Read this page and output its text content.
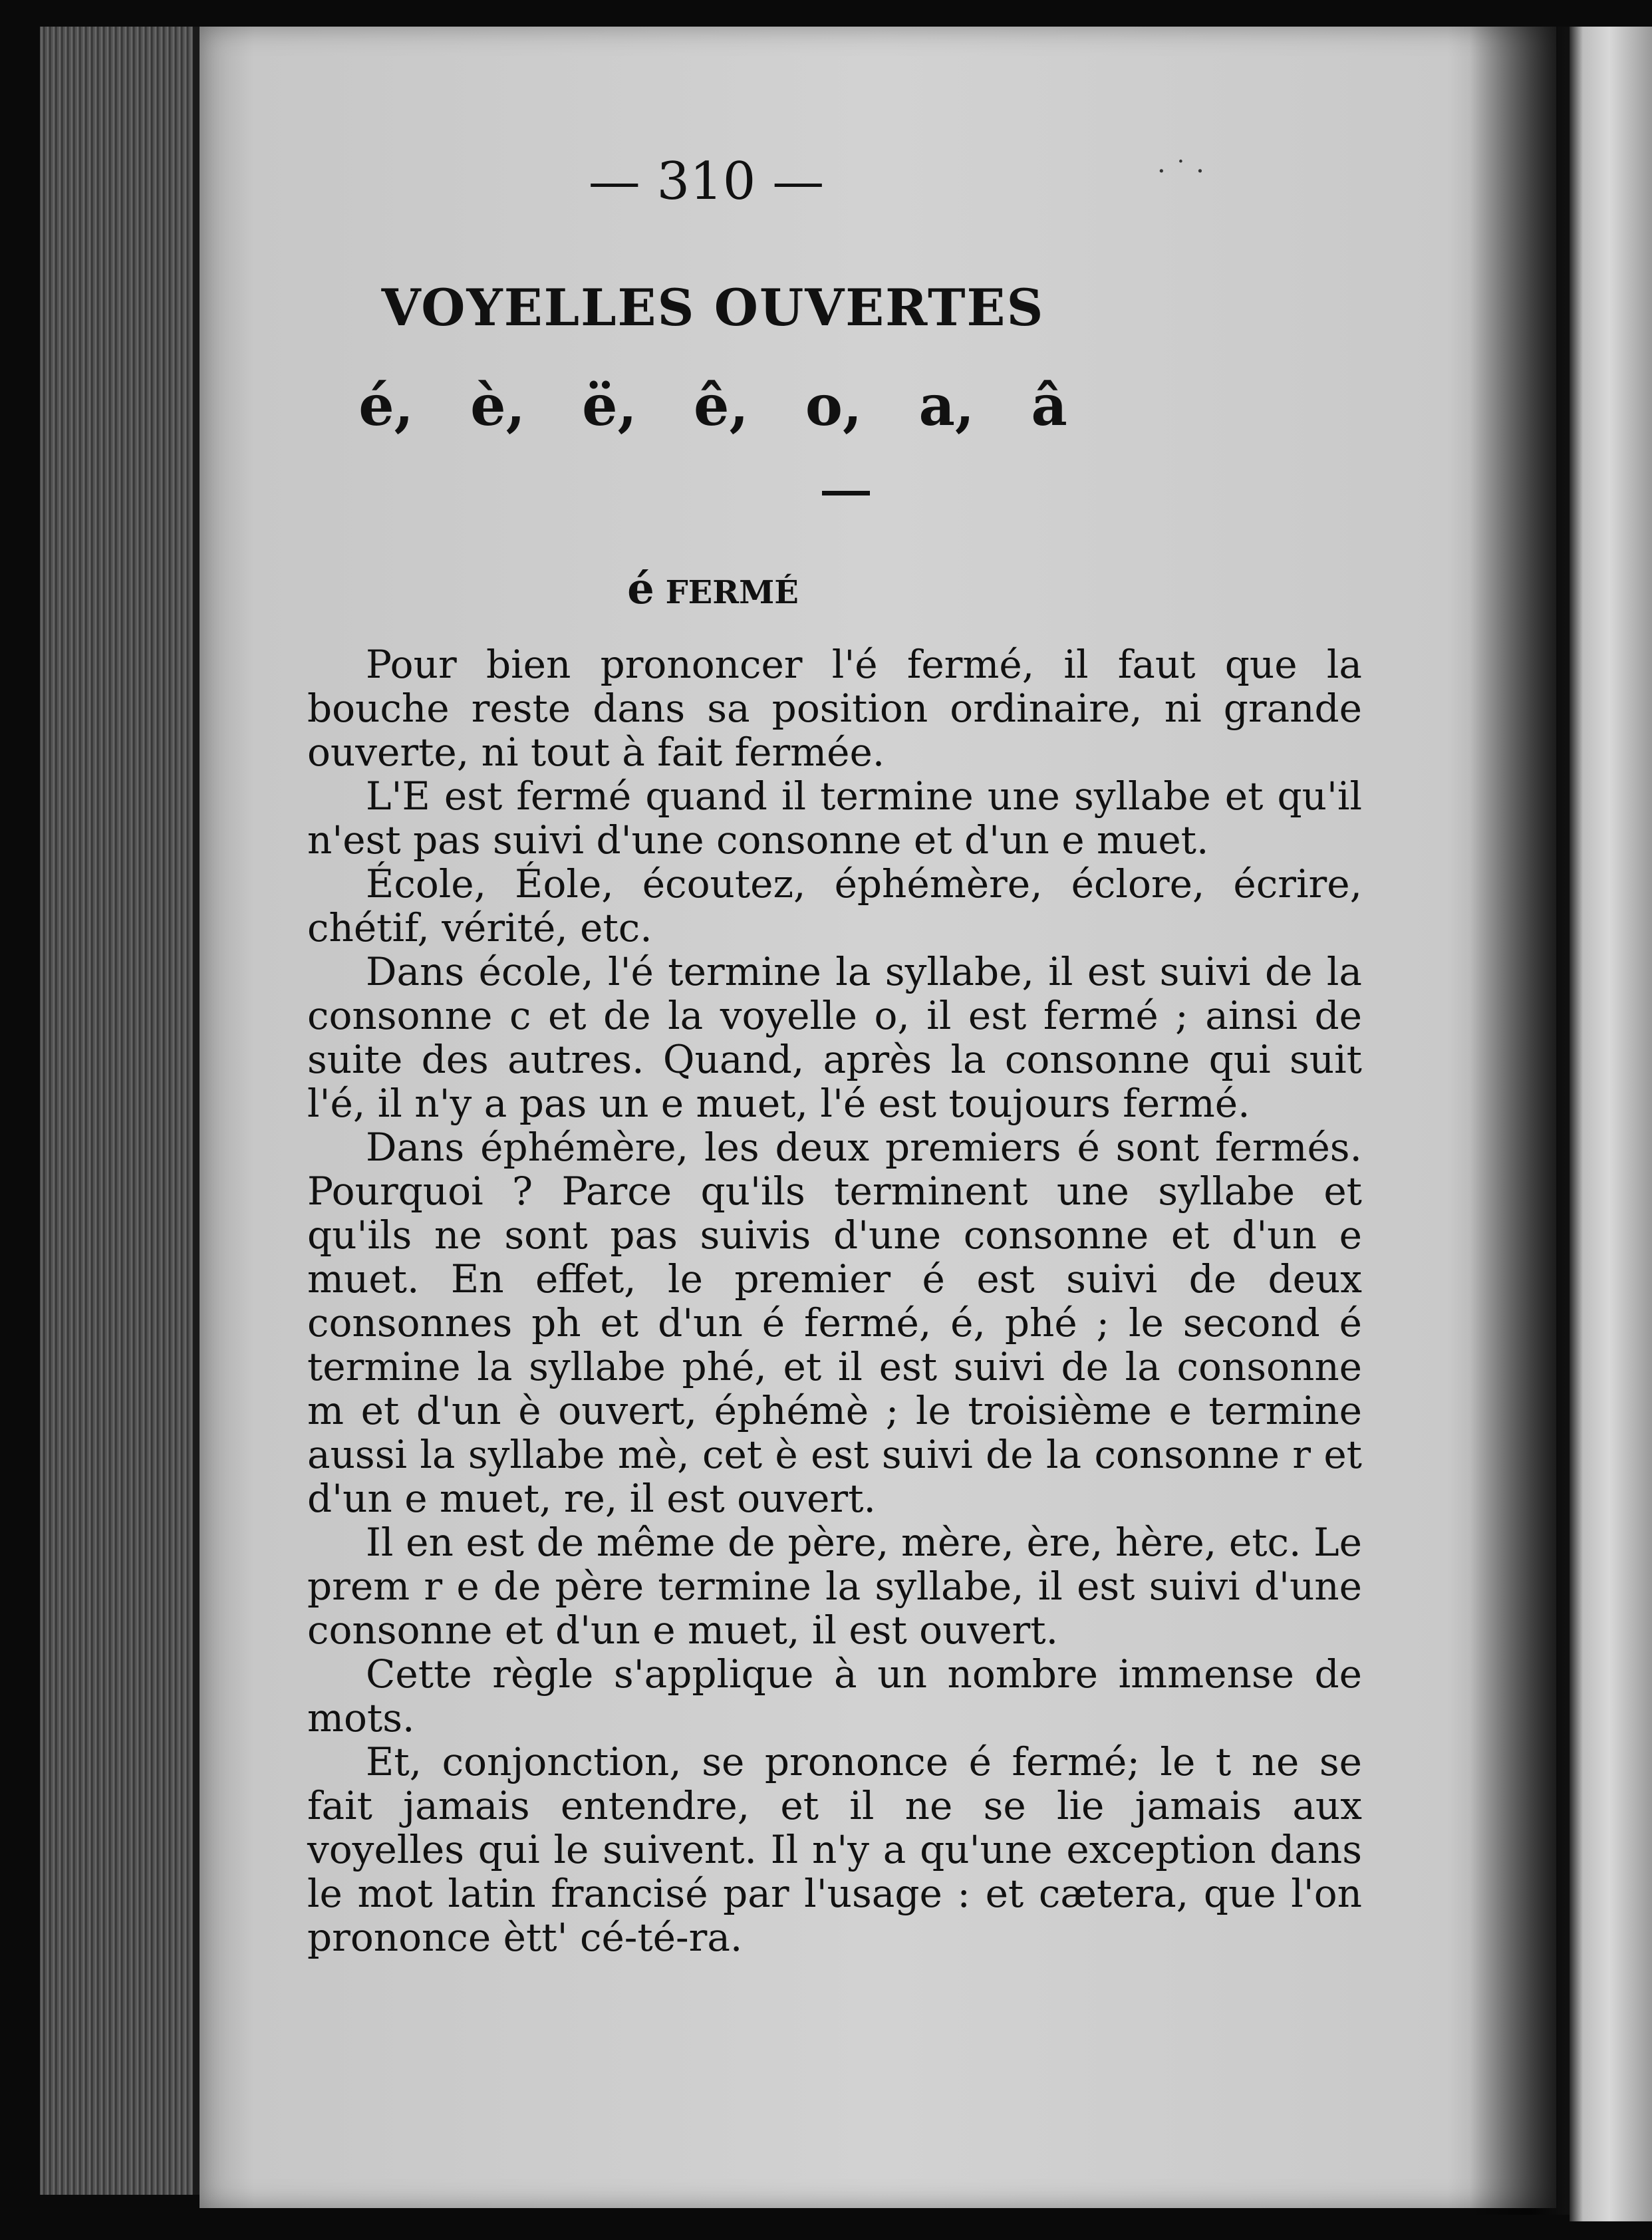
— 310 —	· ˙ ·
VOYELLES OUVERTES
é, è, ë, ê, o, a, â
é FERMÉ

Pour bien prononcer l'é fermé, il faut que la bouche reste dans sa position ordinaire, ni grande ouverte, ni tout à fait fermée.

L'E est fermé quand il termine une syllabe et qu'il n'est pas suivi d'une consonne et d'un e muet.

École, Éole, écoutez, éphémère, éclore, écrire, chétif, vérité, etc.

Dans école, l'é termine la syllabe, il est suivi de la consonne c et de la voyelle o, il est fermé ; ainsi de suite des autres. Quand, après la consonne qui suit l'é, il n'y a pas un e muet, l'é est toujours fermé.

Dans éphémère, les deux premiers é sont fermés. Pourquoi ? Parce qu'ils terminent une syllabe et qu'ils ne sont pas suivis d'une consonne et d'un e muet. En effet, le premier é est suivi de deux consonnes ph et d'un é fermé, é, phé ; le second é termine la syllabe phé, et il est suivi de la consonne m et d'un è ouvert, éphémè ; le troisième e termine aussi la syllabe mè, cet è est suivi de la consonne r et d'un e muet, re, il est ouvert.

Il en est de même de père, mère, ère, hère, etc. Le prem r e de père termine la syllabe, il est suivi d'une consonne et d'un e muet, il est ouvert.

Cette règle s'applique à un nombre immense de mots.

Et, conjonction, se prononce é fermé; le t ne se fait jamais entendre, et il ne se lie jamais aux voyelles qui le suivent. Il n'y a qu'une exception dans le mot latin francisé par l'usage : et cætera, que l'on prononce ètt' cé-té-ra.
